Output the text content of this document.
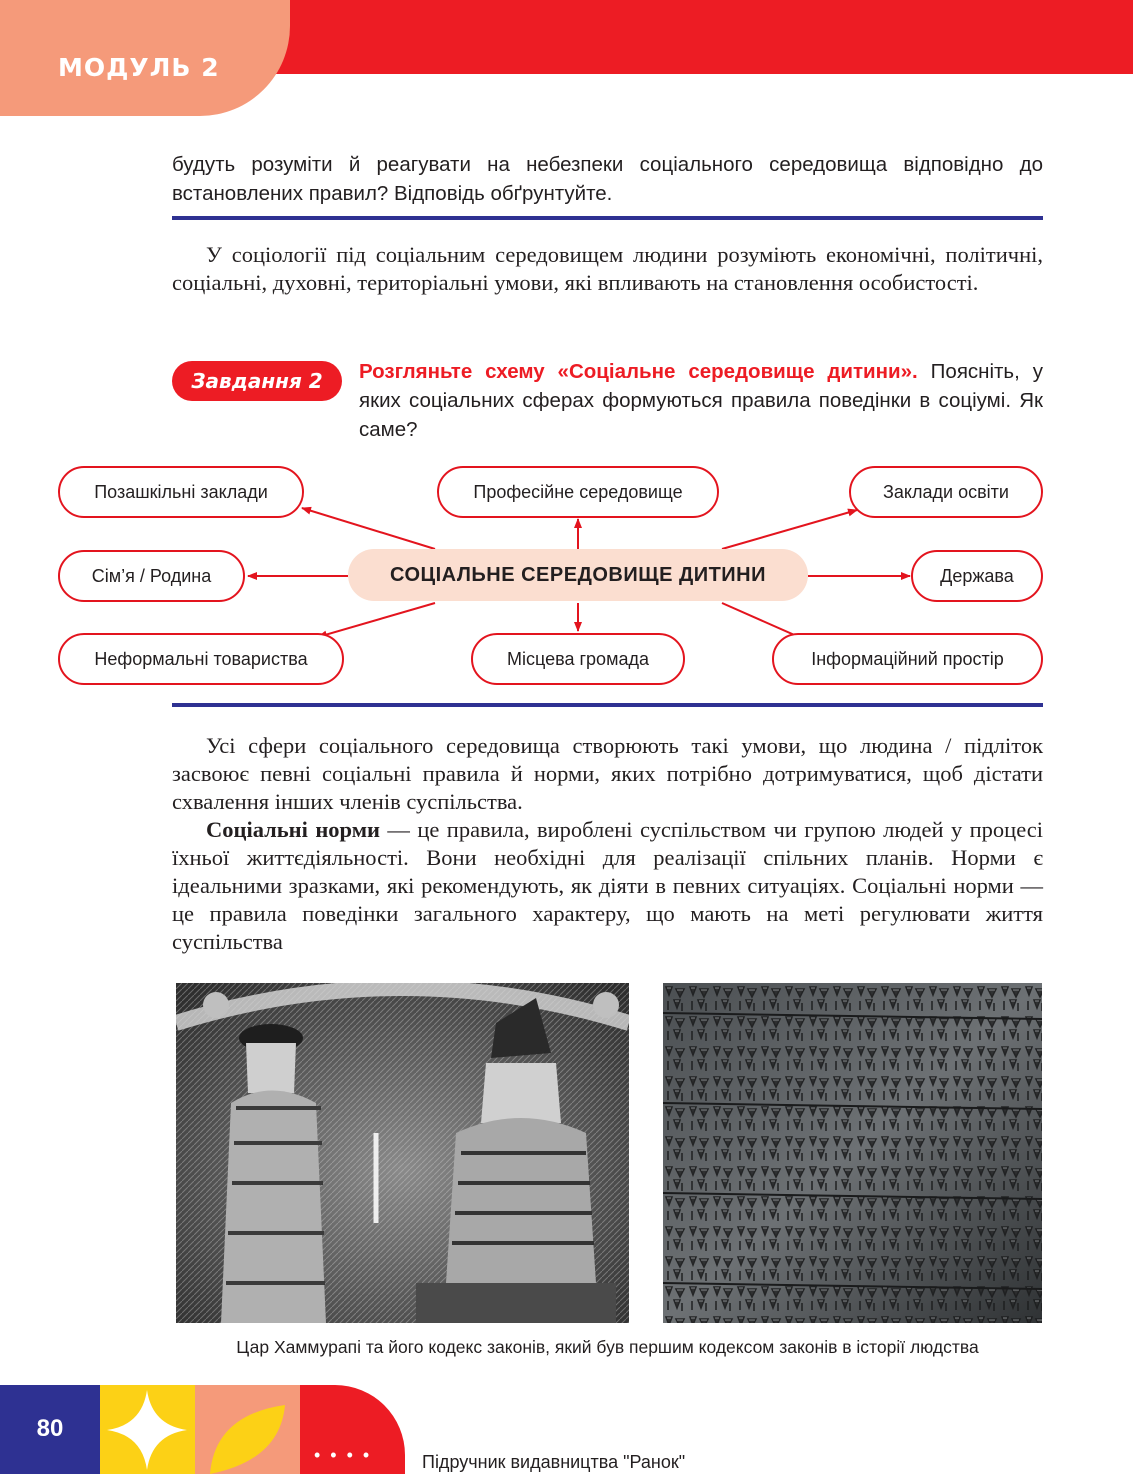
МОДУЛЬ 2
будуть розуміти й реагувати на небезпеки соціального середовища відповідно до встановлених правил? Відповідь обґрунтуйте.
У соціології під соціальним середовищем людини розуміють економічні, політичні, соціальні, духовні, територіальні умови, які впливають на становлення особистості.
Завдання 2	Розгляньте схему «Соціальне середовище дитини». Поясніть, у яких соціальних сферах формуються правила поведінки в соціумі. Як саме?
Позашкільні заклади	Професійне середовище	Заклади освіти
Сім’я / Родина	СОЦІАЛЬНЕ СЕРЕДОВИЩЕ ДИТИНИ	Держава
Неформальні товариства	Місцева громада	Інформаційний простір
Усі сфери соціального середовища створюють такі умови, що людина / підліток засвоює певні соціальні правила й норми, яких потрібно дотримуватися, щоб дістати схвалення інших членів суспільства.
Соціальні норми — це правила, вироблені суспільством чи групою людей у процесі їхньої життєдіяльності. Вони необхідні для реалізації спільних планів. Норми є ідеальними зразками, які рекомендують, як діяти в певних ситуаціях. Соціальні норми — це правила поведінки загального характеру, що мають на меті регулювати життя суспільства
Цар Хаммурапі та його кодекс законів, який був першим кодексом законів в історії людства
80
•••• Підручник видавництва "Ранок"
